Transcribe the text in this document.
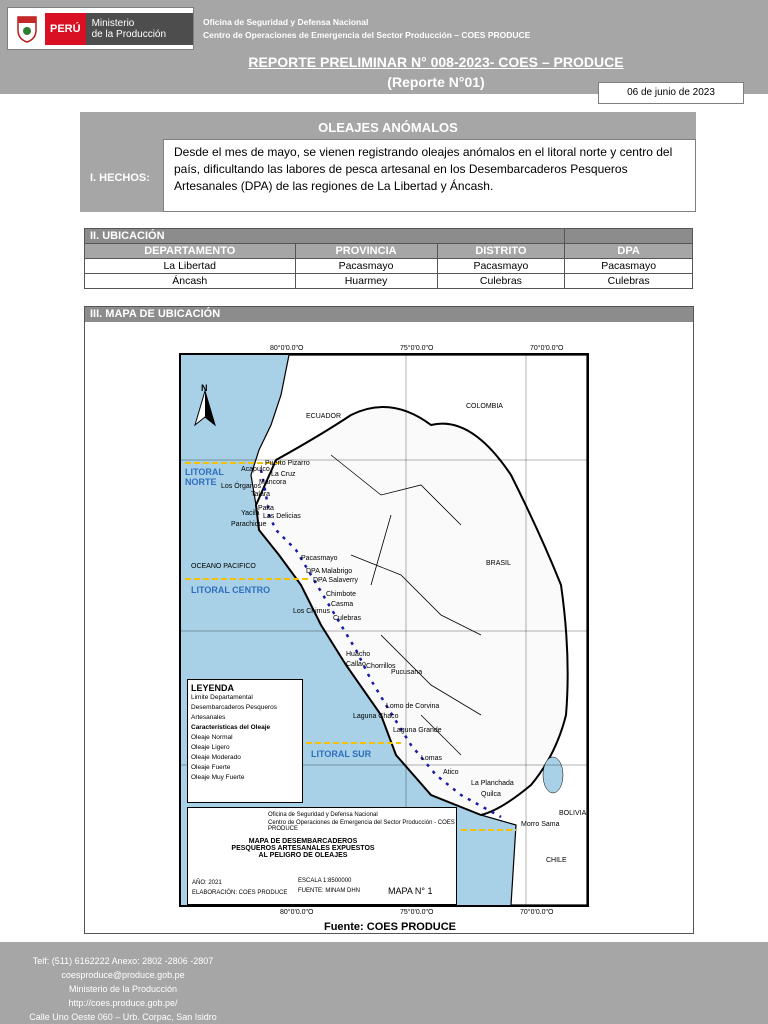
PERÚ	Ministerio
de la Producción
Oficina de Seguridad y Defensa Nacional
Centro de Operaciones de Emergencia del Sector Producción – COES PRODUCE
REPORTE PRELIMINAR N° 008-2023- COES – PRODUCE
(Reporte N°01)
06 de junio de 2023
OLEAJES ANÓMALOS
I. HECHOS:
Desde el mes de mayo, se vienen registrando oleajes anómalos en el litoral norte y centro del país, dificultando las labores de pesca artesanal en los Desembarcaderos Pesqueros Artesanales (DPA) de las regiones de La Libertad y Áncash.
II. UBICACIÓN			
DEPARTAMENTO	PROVINCIA	DISTRITO	DPA
La Libertad	Pacasmayo	Pacasmayo	Pacasmayo
Áncash	Huarmey	Culebras	Culebras
III. MAPA DE UBICACIÓN
80°0'0.0"O	75°0'0.0"O	70°0'0.0"O
N
ECUADOR
COLOMBIA
BRASIL
BOLIVIA
CHILE
OCEANO PACIFICO
LITORAL NORTE
LITORAL CENTRO
LITORAL SUR
Puerto Pizarro
Acapulco
La Cruz
Los Órganos
Mancora
Talara
Paita
Yacila Las Delicias
Parachique
Pacasmayo
DPA Malabrigo
DPA Salaverry
Chimbote
Casma
Los Chimus
Culebras
Huacho
Pucusana
Callao Chorrillos
Lomo de Corvina
Laguna Grande
Laguna Chaco
Lomas
Atico
La Planchada
Quilca
Morro Sama
LEYENDA
Limite Departamental
Desembarcaderos Pesqueros Artesanales
Características del Oleaje
Oleaje Normal
Oleaje Ligero
Oleaje Moderado
Oleaje Fuerte
Oleaje Muy Fuerte
Oficina de Seguridad y Defensa Nacional
Centro de Operaciones de Emergencia del Sector Producción - COES PRODUCE
MAPA DE DESEMBARCADEROS PESQUEROS ARTESANALES EXPUESTOS AL PELIGRO DE OLEAJES
AÑO: 2021	ESCALA 1:8500000
ELABORACIÓN: COES PRODUCE FUENTE: MINAM DHN	MAPA N° 1
80°0'0.0"O	75°0'0.0"O	70°0'0.0"O
Fuente: COES PRODUCE
Telf: (511) 6162222 Anexo: 2802 -2806 -2807
coesproduce@produce.gob.pe
Ministerio de la Producción
http://coes.produce.gob.pe/
Calle Uno Oeste 060 – Urb. Corpac, San Isidro
